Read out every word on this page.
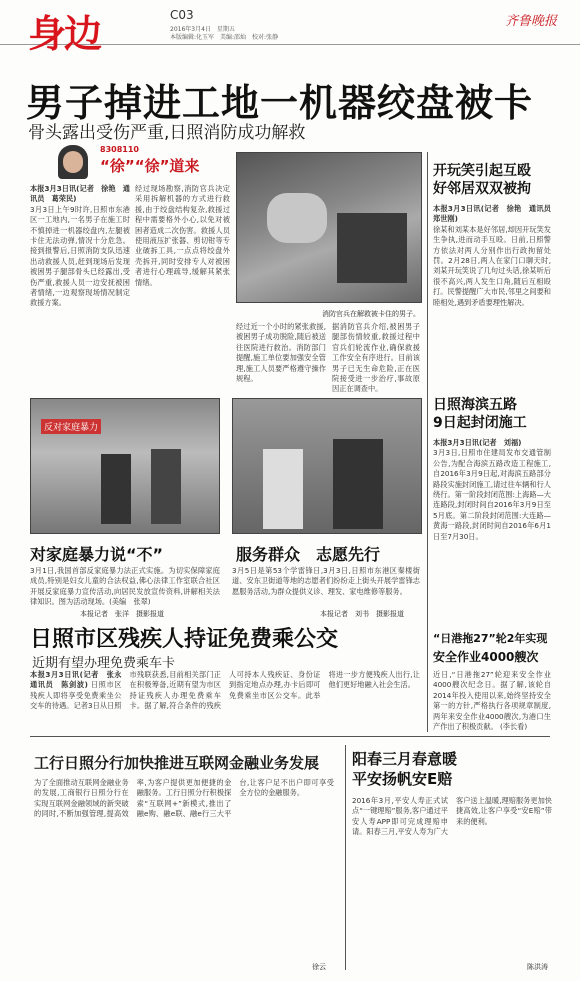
身边	C03
2016年3月4日　星期五
本版编辑:化玉军　美编:邵灿　校对:张静
齐鲁晚报
男子掉进工地一机器绞盘被卡
骨头露出受伤严重,日照消防成功解救
8308110
“徐”“徐”道来
本报3月3日讯(记者　徐艳　通讯员　葛荣民)
3月3日上午9时许,日照市东港区一工地内,一名男子在施工时不慎掉进一机器绞盘内,左腿被卡住无法动弹,情况十分危急。接到报警后,日照消防支队迅速出动救援人员,赶到现场后发现被困男子腿部骨头已经露出,受伤严重,救援人员一边安抚被困者情绪,一边观察现场情况制定救援方案。
经过现场勘察,消防官兵决定采用拆解机器的方式进行救援,由于绞盘结构复杂,救援过程中需要格外小心,以免对被困者造成二次伤害。救援人员使用液压扩张器、剪切钳等专业破拆工具,一点点将绞盘外壳拆开,同时安排专人对被困者进行心理疏导,缓解其紧张情绪。
消防官兵在解救被卡住的男子。
经过近一个小时的紧张救援,被困男子成功脱险,随后被送往医院进行救治。消防部门提醒,施工单位要加强安全管理,施工人员要严格遵守操作规程。
据消防官兵介绍,被困男子腿部伤情较重,救援过程中官兵们轮流作业,确保救援工作安全有序进行。目前该男子已无生命危险,正在医院接受进一步治疗,事故原因正在调查中。
反对家庭暴力
对家庭暴力说“不”	服务群众　志愿先行
3月1日,我国首部反家庭暴力法正式实施。为切实保障家庭成员,特别是妇女儿童的合法权益,佛心法律工作室联合社区开展反家庭暴力宣传活动,向居民发放宣传资料,讲解相关法律知识。图为活动现场。(美编　张翠)
本报记者　张洋　摄影报道
3月5日是第53个学雷锋日,3月3日,日照市东港区秦楼街道、安东卫街道等地的志愿者们纷纷走上街头开展学雷锋志愿服务活动,为群众提供义诊、理发、家电维修等服务。
本报记者　刘书　摄影报道
日照市区残疾人持证免费乘公交
近期有望办理免费乘车卡
本报3月3日讯(记者　张永　通讯员　陈剑波) 日照市区残疾人即将享受免费乘坐公交车的待遇。记者3日从日照市残联获悉,目前相关部门正在积极筹备,近期有望为市区持证残疾人办理免费乘车卡。据了解,符合条件的残疾人可持本人残疾证、身份证到指定地点办理,办卡后即可免费乘坐市区公交车。此举将进一步方便残疾人出行,让他们更好地融入社会生活。
工行日照分行加快推进互联网金融业务发展
为了全面推动互联网金融业务的发展,工商银行日照分行在实现互联网金融领域的新突破的同时,不断加强管理,提高效率,为客户提供更加便捷的金融服务。工行日照分行积极探索“互联网+”新模式,推出了融e购、融e联、融e行三大平台,让客户足不出户即可享受全方位的金融服务。
徐云
阳春三月春意暖
平安扬帆安E赔
2016年3月,平安人寿正式试点“一键理赔”服务,客户通过平安人寿APP即可完成理赔申请。阳春三月,平安人寿为广大客户送上温暖,理赔服务更加快捷高效,让客户享受“安E赔”带来的便利。
陈洪涛
开玩笑引起互殴
好邻居双双被拘
本报3月3日讯(记者　徐艳　通讯员　郑世刚)
徐某和刘某本是好邻居,却因开玩笑发生争执,进而动手互殴。日前,日照警方依法对两人分别作出行政拘留处罚。2月28日,两人在家门口聊天时,刘某开玩笑说了几句过头话,徐某听后很不高兴,两人发生口角,随后互相殴打。民警提醒广大市民,邻里之间要和睦相处,遇到矛盾要理性解决。
日照海滨五路
9日起封闭施工
本报3月3日讯(记者　刘福)
3月3日,日照市住建局发布交通管制公告,为配合海滨五路改造工程施工,自2016年3月9日起,对海滨五路部分路段实施封闭施工,请过往车辆和行人绕行。第一阶段封闭范围:上海路—大连路段,封闭时间自2016年3月9日至5月底。第二阶段封闭范围:大连路—黄海一路段,封闭时间自2016年6月1日至7月30日。
“日港拖27”轮2年实现
安全作业4000艘次
近日,“日港拖27”轮迎来安全作业4000艘次纪念日。据了解,该轮自2014年投入使用以来,始终坚持安全第一的方针,严格执行各项规章制度,两年来安全作业4000艘次,为港口生产作出了积极贡献。 (李长看)
